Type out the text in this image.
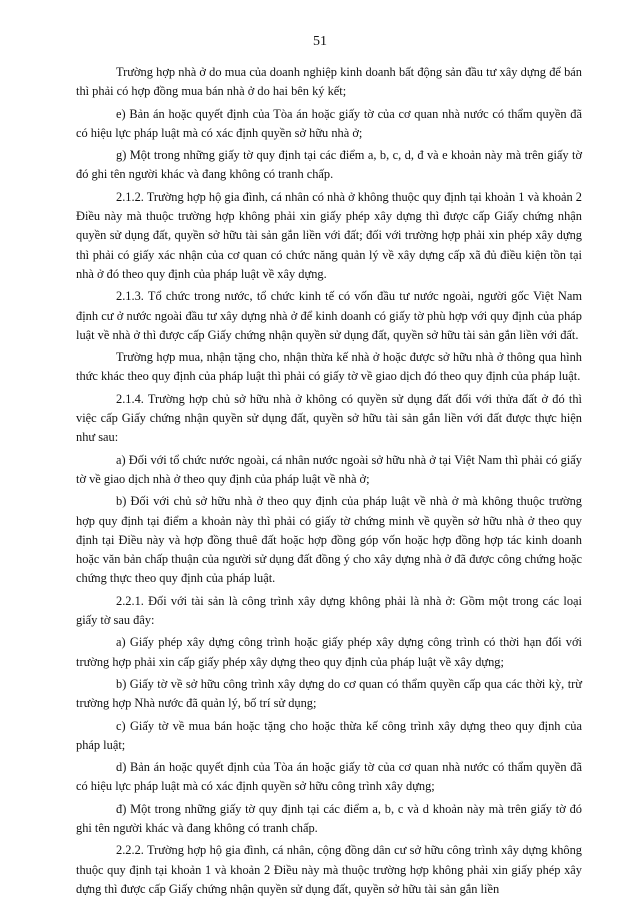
51

Trường hợp nhà ở do mua của doanh nghiệp kinh doanh bất động sản đầu tư xây dựng để bán thì phải có hợp đồng mua bán nhà ở do hai bên ký kết;

e) Bản án hoặc quyết định của Tòa án hoặc giấy tờ của cơ quan nhà nước có thẩm quyền đã có hiệu lực pháp luật mà có xác định quyền sở hữu nhà ở;

g) Một trong những giấy tờ quy định tại các điểm a, b, c, d, đ và e khoản này mà trên giấy tờ đó ghi tên người khác và đang không có tranh chấp.

2.1.2. Trường hợp hộ gia đình, cá nhân có nhà ở không thuộc quy định tại khoản 1 và khoản 2 Điều này mà thuộc trường hợp không phải xin giấy phép xây dựng thì được cấp Giấy chứng nhận quyền sử dụng đất, quyền sở hữu tài sản gắn liền với đất; đối với trường hợp phải xin phép xây dựng thì phải có giấy xác nhận của cơ quan có chức năng quản lý về xây dựng cấp xã đủ điều kiện tồn tại nhà ở đó theo quy định của pháp luật về xây dựng.

2.1.3. Tổ chức trong nước, tổ chức kinh tế có vốn đầu tư nước ngoài, người gốc Việt Nam định cư ở nước ngoài đầu tư xây dựng nhà ở để kinh doanh có giấy tờ phù hợp với quy định của pháp luật về nhà ở thì được cấp Giấy chứng nhận quyền sử dụng đất, quyền sở hữu tài sản gắn liền với đất.

Trường hợp mua, nhận tặng cho, nhận thừa kế nhà ở hoặc được sở hữu nhà ở thông qua hình thức khác theo quy định của pháp luật thì phải có giấy tờ về giao dịch đó theo quy định của pháp luật.

2.1.4. Trường hợp chủ sở hữu nhà ở không có quyền sử dụng đất đối với thửa đất ở đó thì việc cấp Giấy chứng nhận quyền sử dụng đất, quyền sở hữu tài sản gắn liền với đất được thực hiện như sau:

a) Đối với tổ chức nước ngoài, cá nhân nước ngoài sở hữu nhà ở tại Việt Nam thì phải có giấy tờ về giao dịch nhà ở theo quy định của pháp luật về nhà ở;

b) Đối với chủ sở hữu nhà ở theo quy định của pháp luật về nhà ở mà không thuộc trường hợp quy định tại điểm a khoản này thì phải có giấy tờ chứng minh về quyền sở hữu nhà ở theo quy định tại Điều này và hợp đồng thuê đất hoặc hợp đồng góp vốn hoặc hợp đồng hợp tác kinh doanh hoặc văn bản chấp thuận của người sử dụng đất đồng ý cho xây dựng nhà ở đã được công chứng hoặc chứng thực theo quy định của pháp luật.

2.2.1. Đối với tài sản là công trình xây dựng không phải là nhà ở: Gồm một trong các loại giấy tờ sau đây:

a) Giấy phép xây dựng công trình hoặc giấy phép xây dựng công trình có thời hạn đối với trường hợp phải xin cấp giấy phép xây dựng theo quy định của pháp luật về xây dựng;

b) Giấy tờ về sở hữu công trình xây dựng do cơ quan có thẩm quyền cấp qua các thời kỳ, trừ trường hợp Nhà nước đã quản lý, bố trí sử dụng;

c) Giấy tờ về mua bán hoặc tặng cho hoặc thừa kế công trình xây dựng theo quy định của pháp luật;

d) Bản án hoặc quyết định của Tòa án hoặc giấy tờ của cơ quan nhà nước có thẩm quyền đã có hiệu lực pháp luật mà có xác định quyền sở hữu công trình xây dựng;

đ) Một trong những giấy tờ quy định tại các điểm a, b, c và d khoản này mà trên giấy tờ đó ghi tên người khác và đang không có tranh chấp.

2.2.2. Trường hợp hộ gia đình, cá nhân, cộng đồng dân cư sở hữu công trình xây dựng không thuộc quy định tại khoản 1 và khoản 2 Điều này mà thuộc trường hợp không phải xin giấy phép xây dựng thì được cấp Giấy chứng nhận quyền sử dụng đất, quyền sở hữu tài sản gắn liền
